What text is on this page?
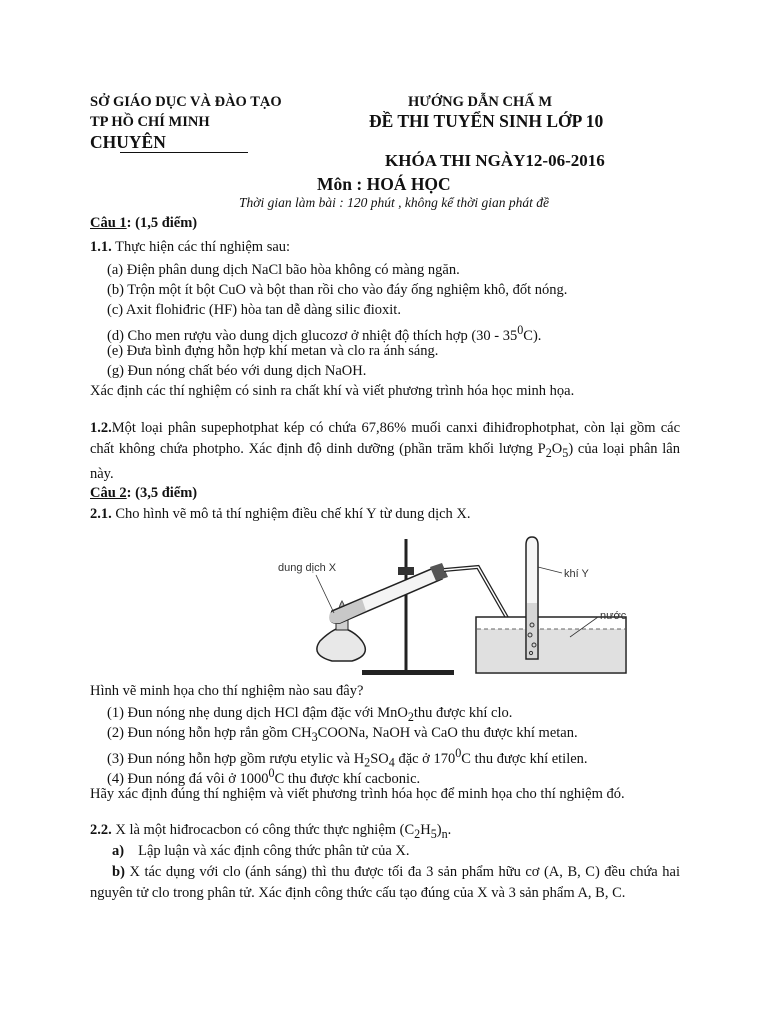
SỞ GIÁO DỤC VÀ ĐÀO TẠO
TP HỒ CHÍ MINH
HƯỚNG DẪN CHẤ M
ĐỀ THI TUYỂN SINH LỚP 10
CHUYÊN
KHÓA THI NGÀY12-06-2016
Môn : HOÁ HỌC
Thời gian làm bài : 120 phút , không kể thời gian phát đề
Câu 1: (1,5 điểm)
1.1. Thực hiện các thí nghiệm sau:
(a) Điện phân dung dịch NaCl bão hòa không có màng ngăn.
(b) Trộn một ít bột CuO và bột than rồi cho vào đáy ống nghiệm khô, đốt nóng.
(c) Axit flohiđric (HF) hòa tan dễ dàng silic đioxit.
(d) Cho men rượu vào dung dịch glucozơ ở nhiệt độ thích hợp $(30 - 35^0C)$.
(e) Đưa bình đựng hỗn hợp khí metan và clo ra ánh sáng.
(g) Đun nóng chất béo với dung dịch NaOH.
Xác định các thí nghiệm có sinh ra chất khí và viết phương trình hóa học minh họa.
1.2.Một loại phân supephotphat kép có chứa 67,86% muối canxi đihiđrophotphat, còn lại gồm các chất không chứa photpho. Xác định độ dinh dưỡng (phần trăm khối lượng $P_2O_5$) của loại phân lân này.
Câu 2: (3,5 điểm)
2.1. Cho hình vẽ mô tả thí nghiệm điều chế khí Y từ dung dịch X.
dung dịch X	khí Y
nước
Hình vẽ minh họa cho thí nghiệm nào sau đây?
(1) Đun nóng nhẹ dung dịch HCl đậm đặc với MnO$_2$thu được khí clo.
(2) Đun nóng hỗn hợp rắn gồm $CH_3COONa$, NaOH và CaO thu được khí metan.
(3) Đun nóng hỗn hợp gồm rượu etylic và $H_2SO_4$ đặc ở $170^0C$ thu được khí etilen.
(4) Đun nóng đá vôi ở 1000$^0$C thu được khí cacbonic.
Hãy xác định đúng thí nghiệm và viết phương trình hóa học để minh họa cho thí nghiệm đó.
2.2. X là một hiđrocacbon có công thức thực nghiệm $(C_2H_5)_n$.
a) Lập luận và xác định công thức phân tử của X.
b) X tác dụng với clo (ánh sáng) thì thu được tối đa 3 sản phẩm hữu cơ (A, B, C) đều chứa hai nguyên tử clo trong phân tử. Xác định công thức cấu tạo đúng của X và 3 sản phẩm A, B, C.
